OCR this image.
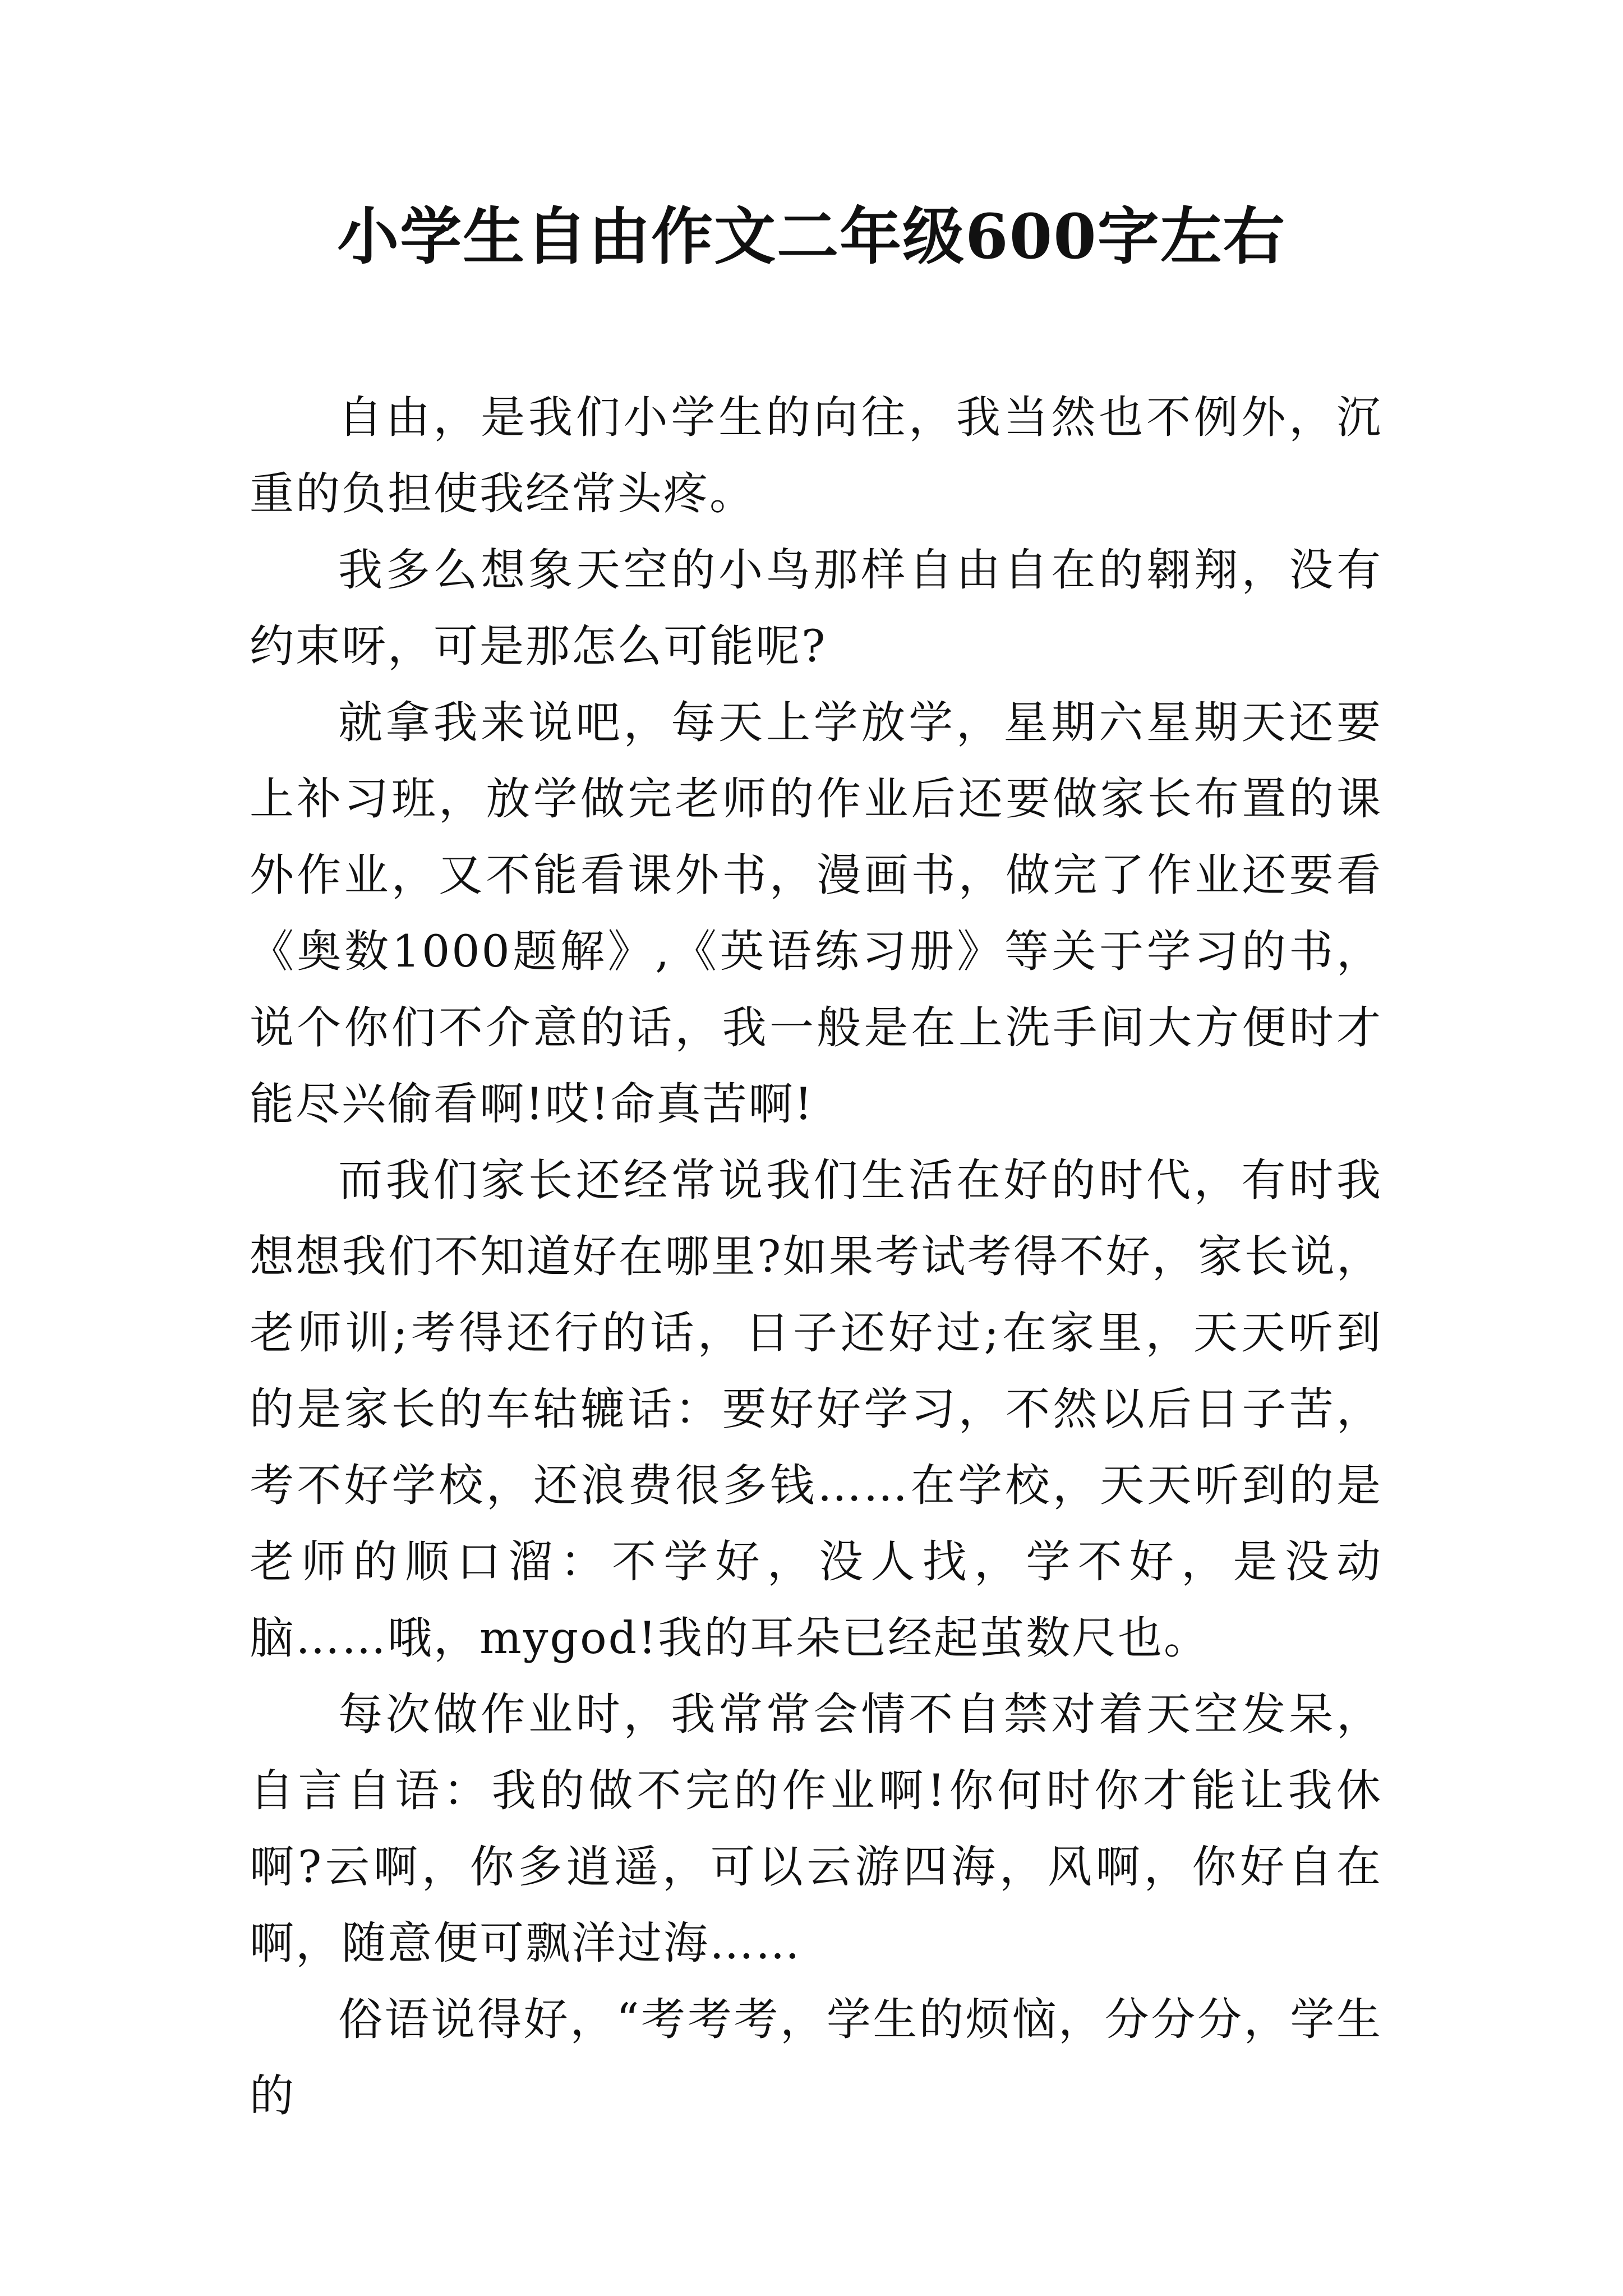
小学生自由作文二年级600字左右

自由，是我们小学生的向往，我当然也不例外，沉重的负担使我经常头疼。

我多么想象天空的小鸟那样自由自在的翱翔，没有约束呀，可是那怎么可能呢?

就拿我来说吧，每天上学放学，星期六星期天还要上补习班，放学做完老师的作业后还要做家长布置的课外作业，又不能看课外书，漫画书，做完了作业还要看《奥数1000题解》,《英语练习册》等关于学习的书，说个你们不介意的话，我一般是在上洗手间大方便时才能尽兴偷看啊!哎!命真苦啊!

而我们家长还经常说我们生活在好的时代，有时我想想我们不知道好在哪里?如果考试考得不好，家长说，老师训;考得还行的话，日子还好过;在家里，天天听到的是家长的车轱辘话：要好好学习，不然以后日子苦，考不好学校，还浪费很多钱……在学校，天天听到的是老师的顺口溜：不学好，没人找，学不好，是没动脑……哦，mygod!我的耳朵已经起茧数尺也。

每次做作业时，我常常会情不自禁对着天空发呆，自言自语：我的做不完的作业啊!你何时你才能让我休啊?云啊，你多逍遥，可以云游四海，风啊，你好自在啊，随意便可飘洋过海……

俗语说得好，“考考考，学生的烦恼，分分分，学生的
